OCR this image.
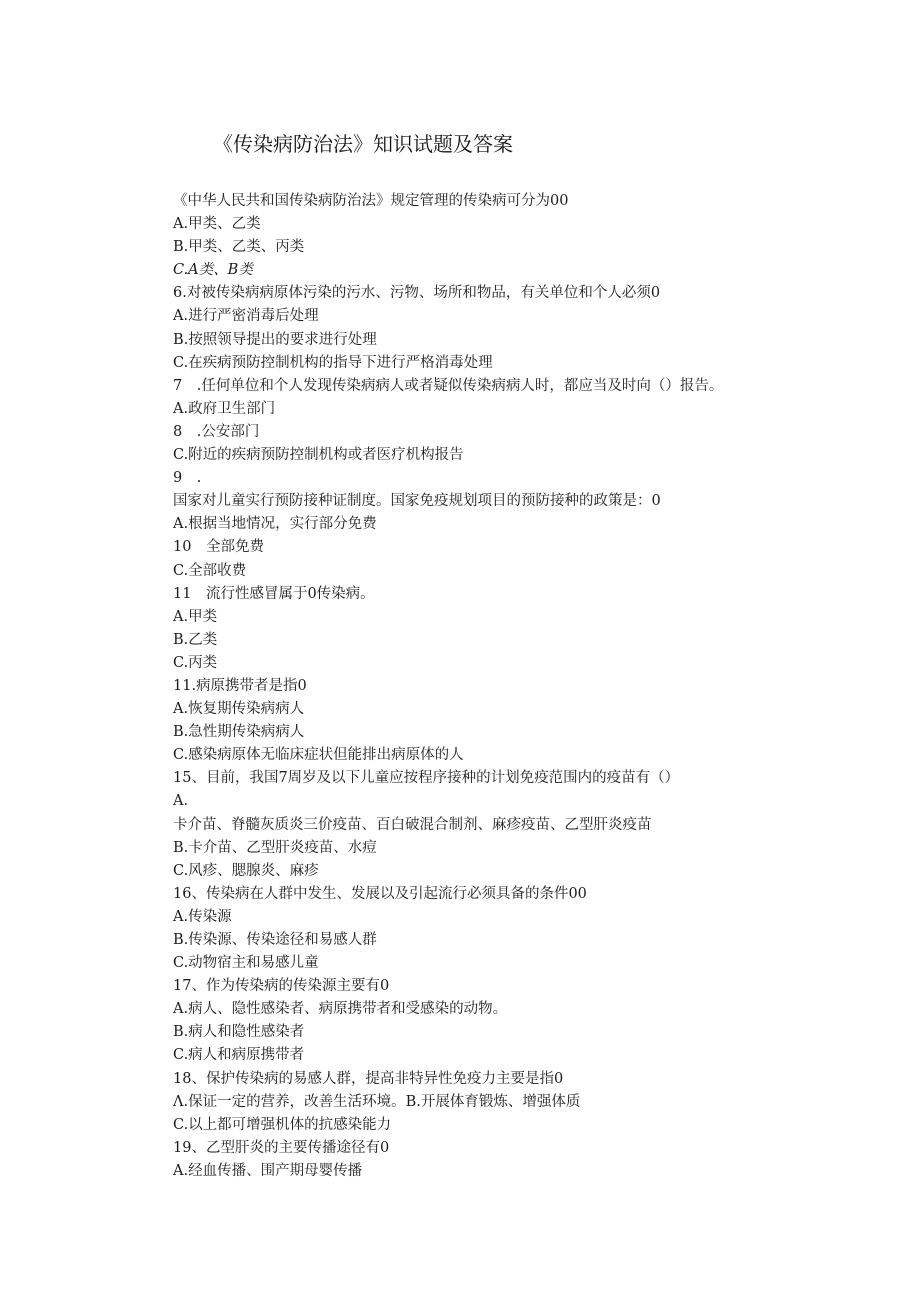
《传染病防治法》知识试题及答案
《中华人民共和国传染病防治法》规定管理的传染病可分为00
A.甲类、乙类
B.甲类、乙类、丙类
C.A类、B类
6.对被传染病病原体污染的污水、污物、场所和物品，有关单位和个人必须0
A.进行严密消毒后处理
B.按照领导提出的要求进行处理
C.在疾病预防控制机构的指导下进行严格消毒处理
7　.任何单位和个人发现传染病病人或者疑似传染病病人时，都应当及时向（）报告。
A.政府卫生部门
8　.公安部门
C.附近的疾病预防控制机构或者医疗机构报告
9　.
国家对儿童实行预防接种证制度。国家免疫规划项目的预防接种的政策是：0
A.根据当地情况，实行部分免费
10　全部免费
C.全部收费
11　流行性感冒属于0传染病。
A.甲类
B.乙类
C.丙类
11.病原携带者是指0
A.恢复期传染病病人
B.急性期传染病病人
C.感染病原体无临床症状但能排出病原体的人
15、目前，我国7周岁及以下儿童应按程序接种的计划免疫范围内的疫苗有（）
A.
卡介苗、脊髓灰质炎三价疫苗、百白破混合制剂、麻疹疫苗、乙型肝炎疫苗
B.卡介苗、乙型肝炎疫苗、水痘
C.风疹、腮腺炎、麻疹
16、传染病在人群中发生、发展以及引起流行必须具备的条件00
A.传染源
B.传染源、传染途径和易感人群
C.动物宿主和易感儿童
17、作为传染病的传染源主要有0
A.病人、隐性感染者、病原携带者和受感染的动物。
B.病人和隐性感染者
C.病人和病原携带者
18、保护传染病的易感人群，提高非特异性免疫力主要是指0
Λ.保证一定的营养，改善生活环境。B.开展体育锻炼、增强体质
C.以上都可增强机体的抗感染能力
19、乙型肝炎的主要传播途径有0
A.经血传播、围产期母婴传播
